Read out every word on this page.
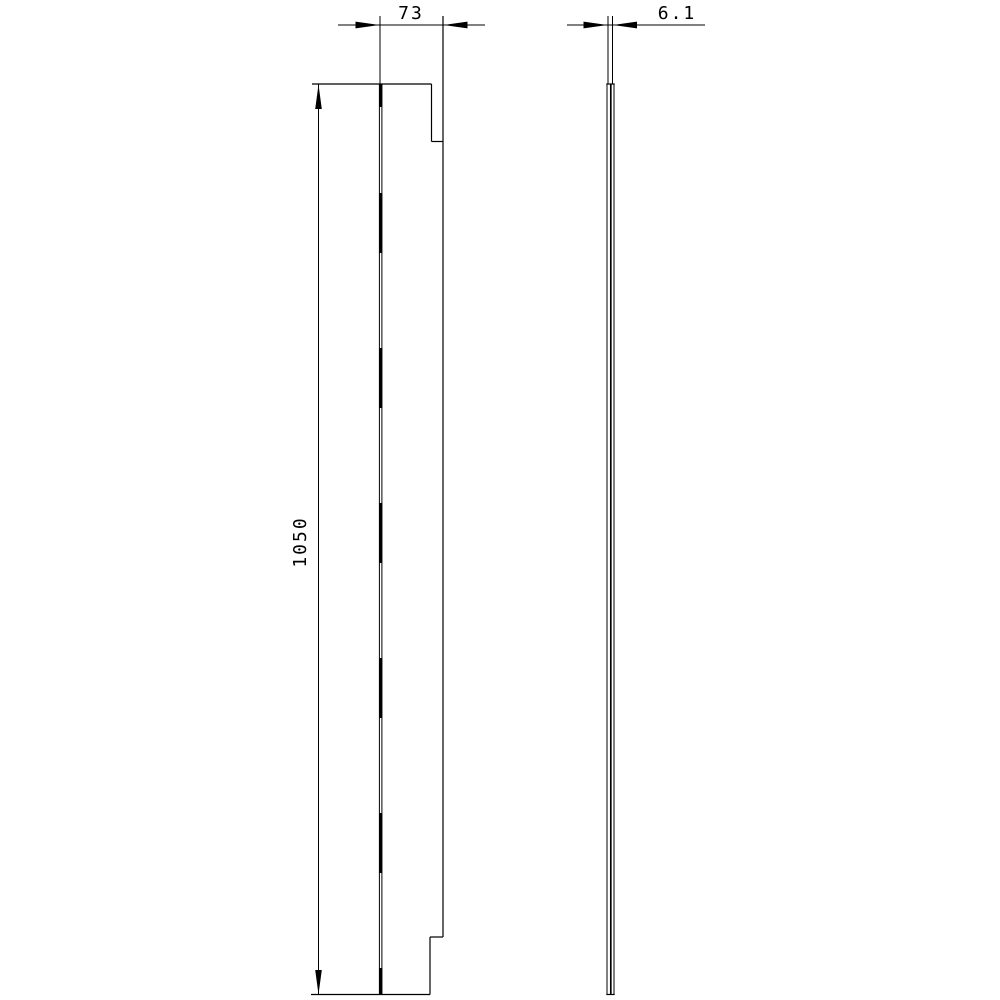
73
1050
6.1
